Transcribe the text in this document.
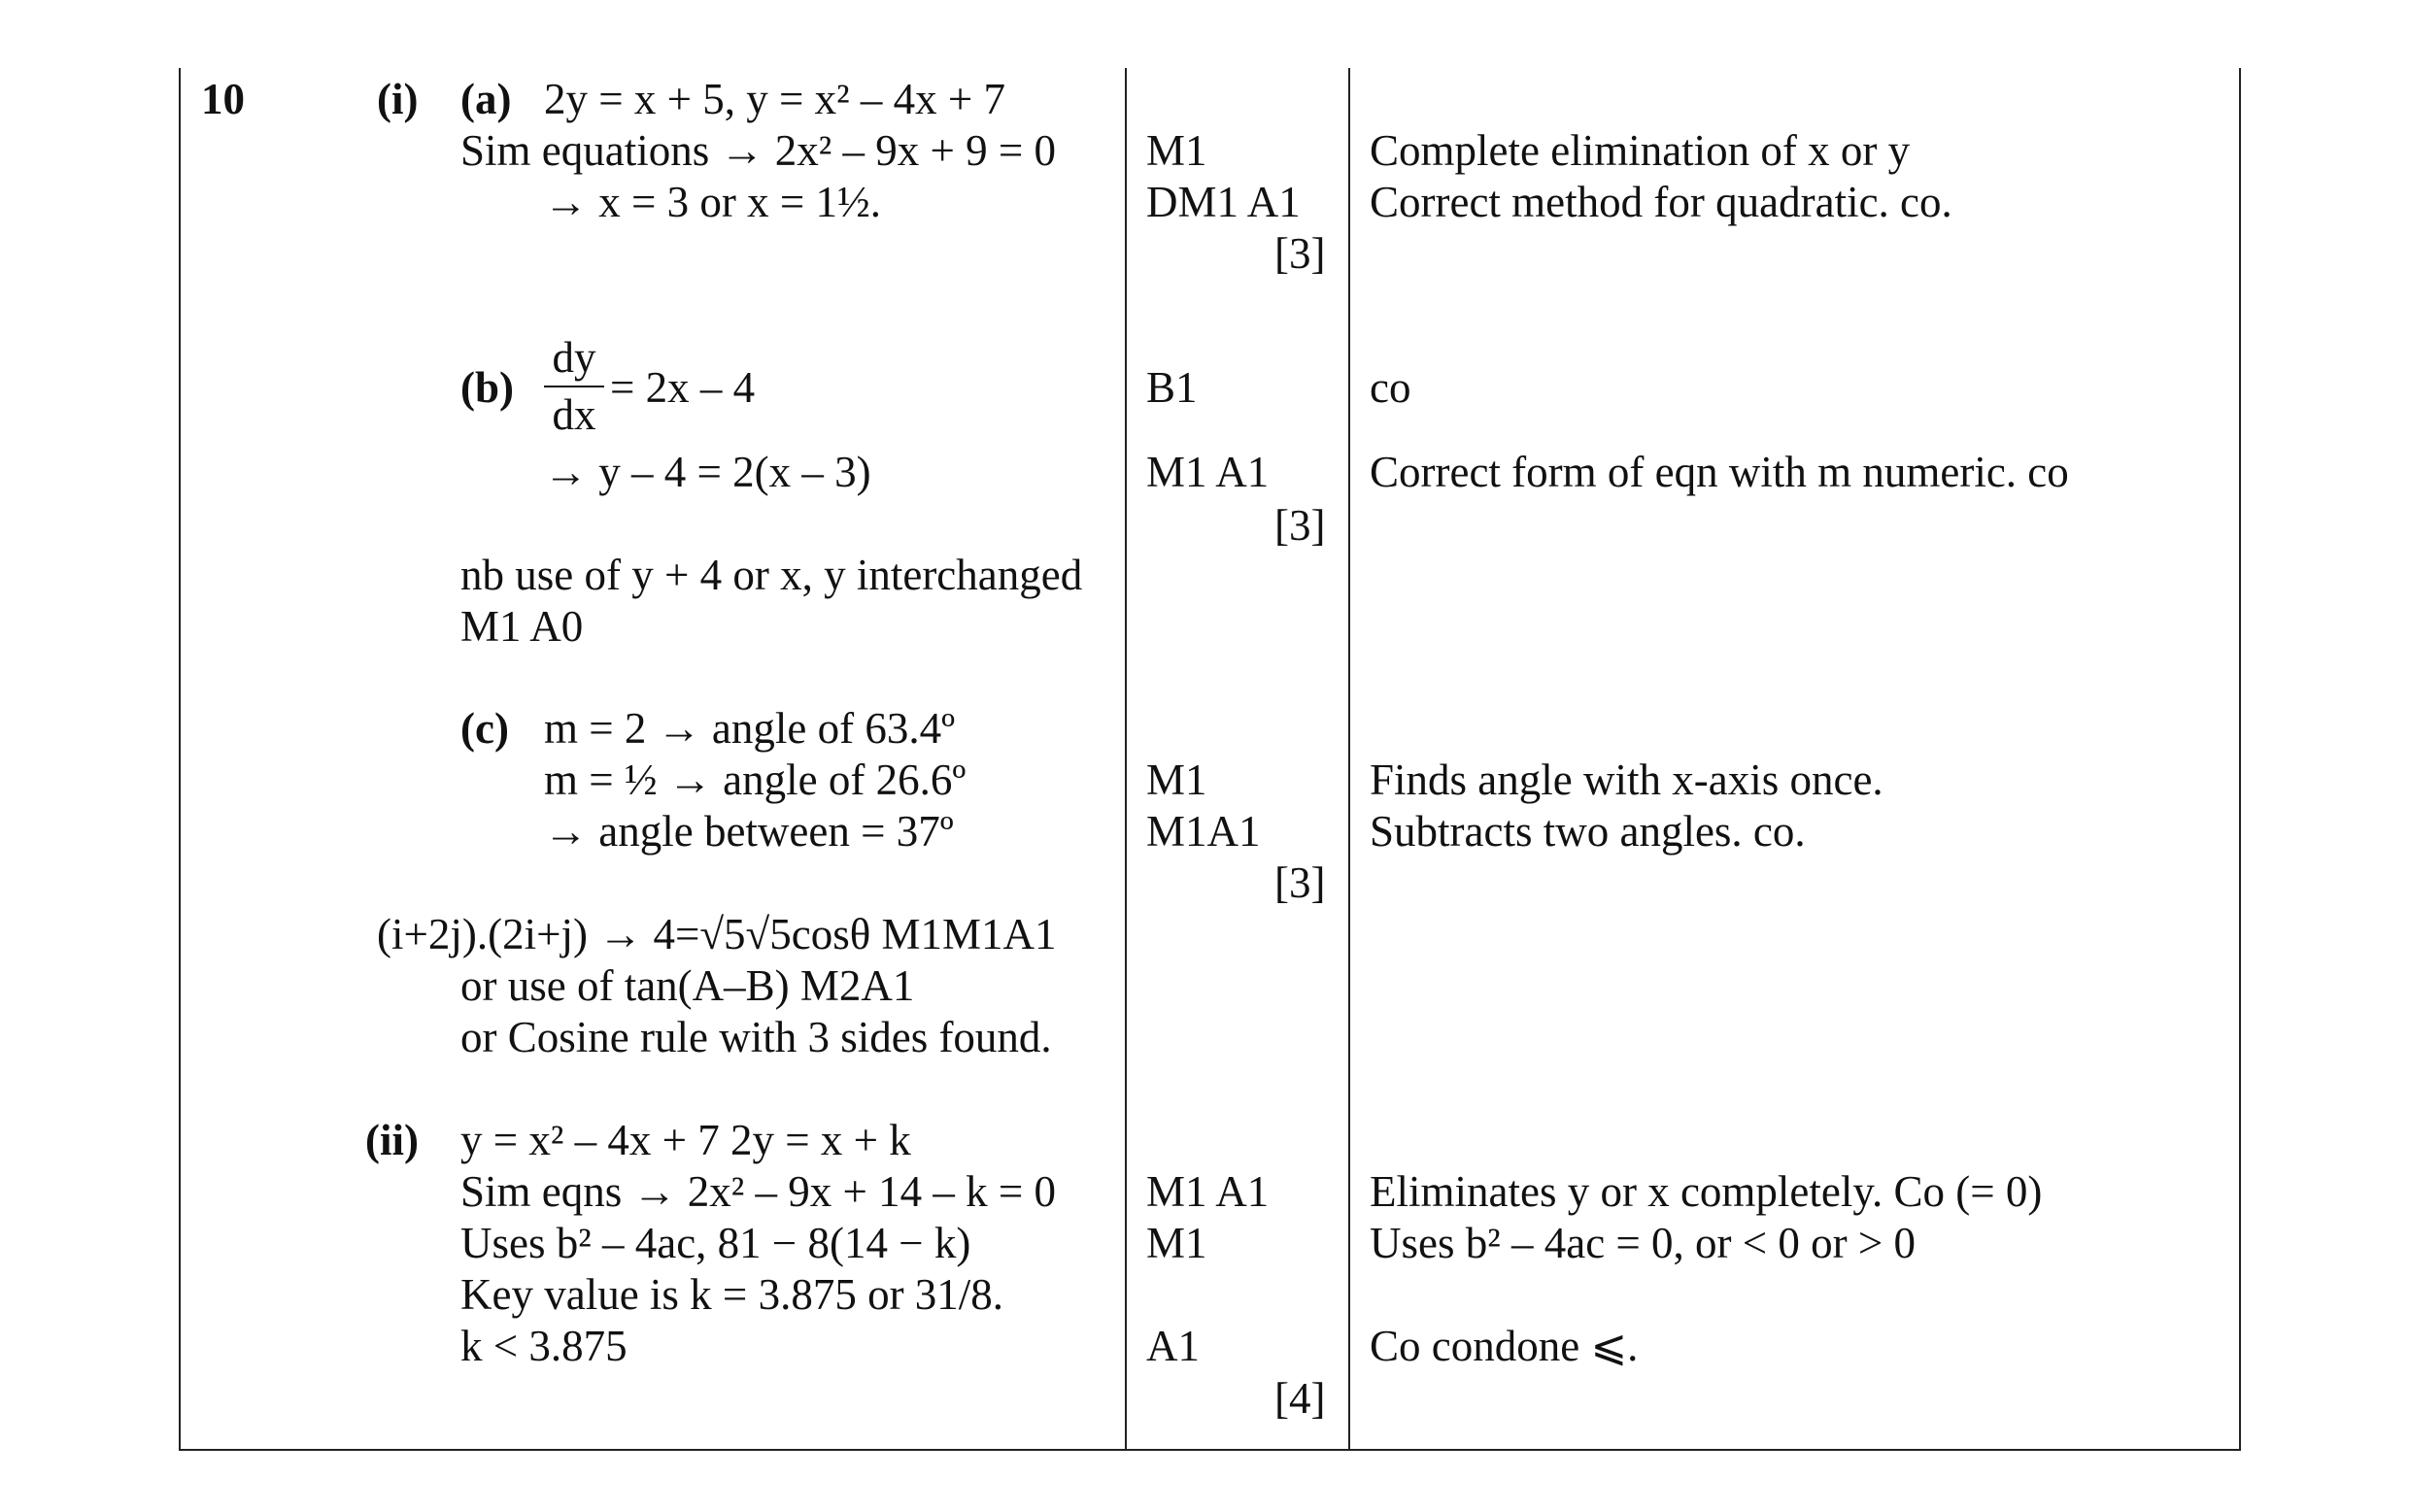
10	(i) (a) 2y = x + 5, y = x² – 4x + 7
Sim equations → 2x² – 9x + 9 = 0
→ x = 3 or x = 1½.
M1
DM1 A1
[3]
Complete elimination of x or y
Correct method for quadratic. co.
(b)
dy
dx
= 2x – 4
→ y – 4 = 2(x – 3)
B1
M1 A1
[3]
co
Correct form of eqn with m numeric. co
nb use of y + 4 or x, y interchanged
M1 A0
(c) m = 2 → angle of 63.4º
m = ½ → angle of 26.6º
→ angle between = 37º
M1
M1A1
[3]
Finds angle with x-axis once.
Subtracts two angles. co.
(i+2j).(2i+j) → 4=√5√5cosθ M1M1A1
or use of tan(A–B) M2A1
or Cosine rule with 3 sides found.
(ii) y = x² – 4x + 7 2y = x + k
Sim eqns → 2x² – 9x + 14 – k = 0
Uses b² – 4ac, 81 − 8(14 − k)
Key value is k = 3.875 or 31/8.
k < 3.875
M1 A1
M1
A1
[4]
Eliminates y or x completely. Co (= 0)
Uses b² – 4ac = 0, or < 0 or > 0
Co condone ⩽.
